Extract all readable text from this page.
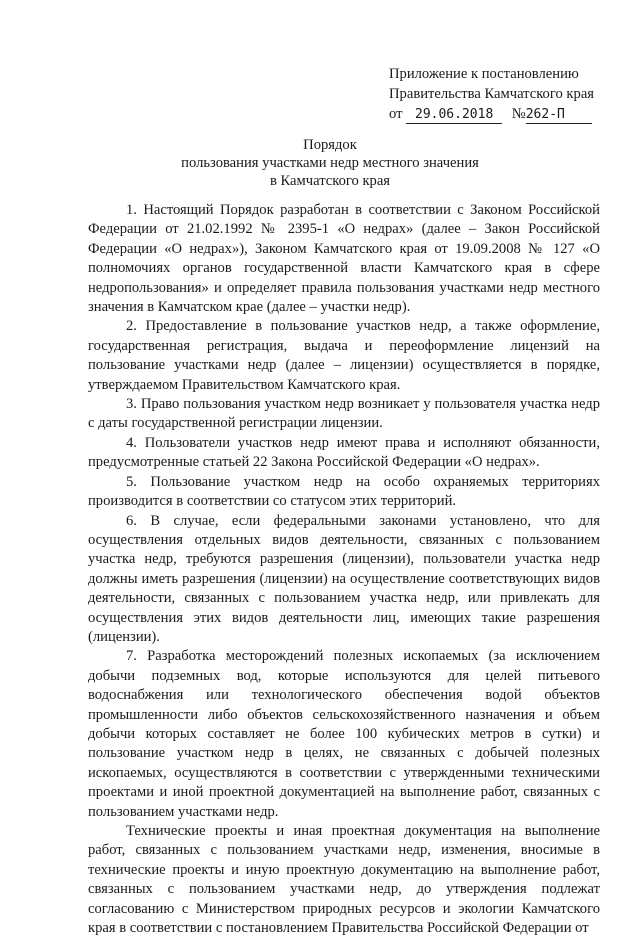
Приложение к постановлению
Правительства Камчатского края
от 29.06.2018 №262-П
Порядок
пользования участками недр местного значения
в Камчатского края

1. Настоящий Порядок разработан в соответствии с Законом Российской Федерации от 21.02.1992 № 2395-1 «О недрах» (далее – Закон Российской Федерации «О недрах»), Законом Камчатского края от 19.09.2008 № 127 «О полномочиях органов государственной власти Камчатского края в сфере недропользования» и определяет правила пользования участками недр местного значения в Камчатском крае (далее – участки недр).

2. Предоставление в пользование участков недр, а также оформление, государственная регистрация, выдача и переоформление лицензий на пользование участками недр (далее – лицензии) осуществляется в порядке, утверждаемом Правительством Камчатского края.

3. Право пользования участком недр возникает у пользователя участка недр с даты государственной регистрации лицензии.

4. Пользователи участков недр имеют права и исполняют обязанности, предусмотренные статьей 22 Закона Российской Федерации «О недрах».

5. Пользование участком недр на особо охраняемых территориях производится в соответствии со статусом этих территорий.

6. В случае, если федеральными законами установлено, что для осуществления отдельных видов деятельности, связанных с пользованием участка недр, требуются разрешения (лицензии), пользователи участка недр должны иметь разрешения (лицензии) на осуществление соответствующих видов деятельности, связанных с пользованием участка недр, или привлекать для осуществления этих видов деятельности лиц, имеющих такие разрешения (лицензии).

7. Разработка месторождений полезных ископаемых (за исключением добычи подземных вод, которые используются для целей питьевого водоснабжения или технологического обеспечения водой объектов промышленности либо объектов сельскохозяйственного назначения и объем добычи которых составляет не более 100 кубических метров в сутки) и пользование участком недр в целях, не связанных с добычей полезных ископаемых, осуществляются в соответствии с утвержденными техническими проектами и иной проектной документацией на выполнение работ, связанных с пользованием участками недр.

Технические проекты и иная проектная документация на выполнение работ, связанных с пользованием участками недр, изменения, вносимые в технические проекты и иную проектную документацию на выполнение работ, связанных с пользованием участками недр, до утверждения подлежат согласованию с Министерством природных ресурсов и экологии Камчатского края в соответствии с постановлением Правительства Российской Федерации от
